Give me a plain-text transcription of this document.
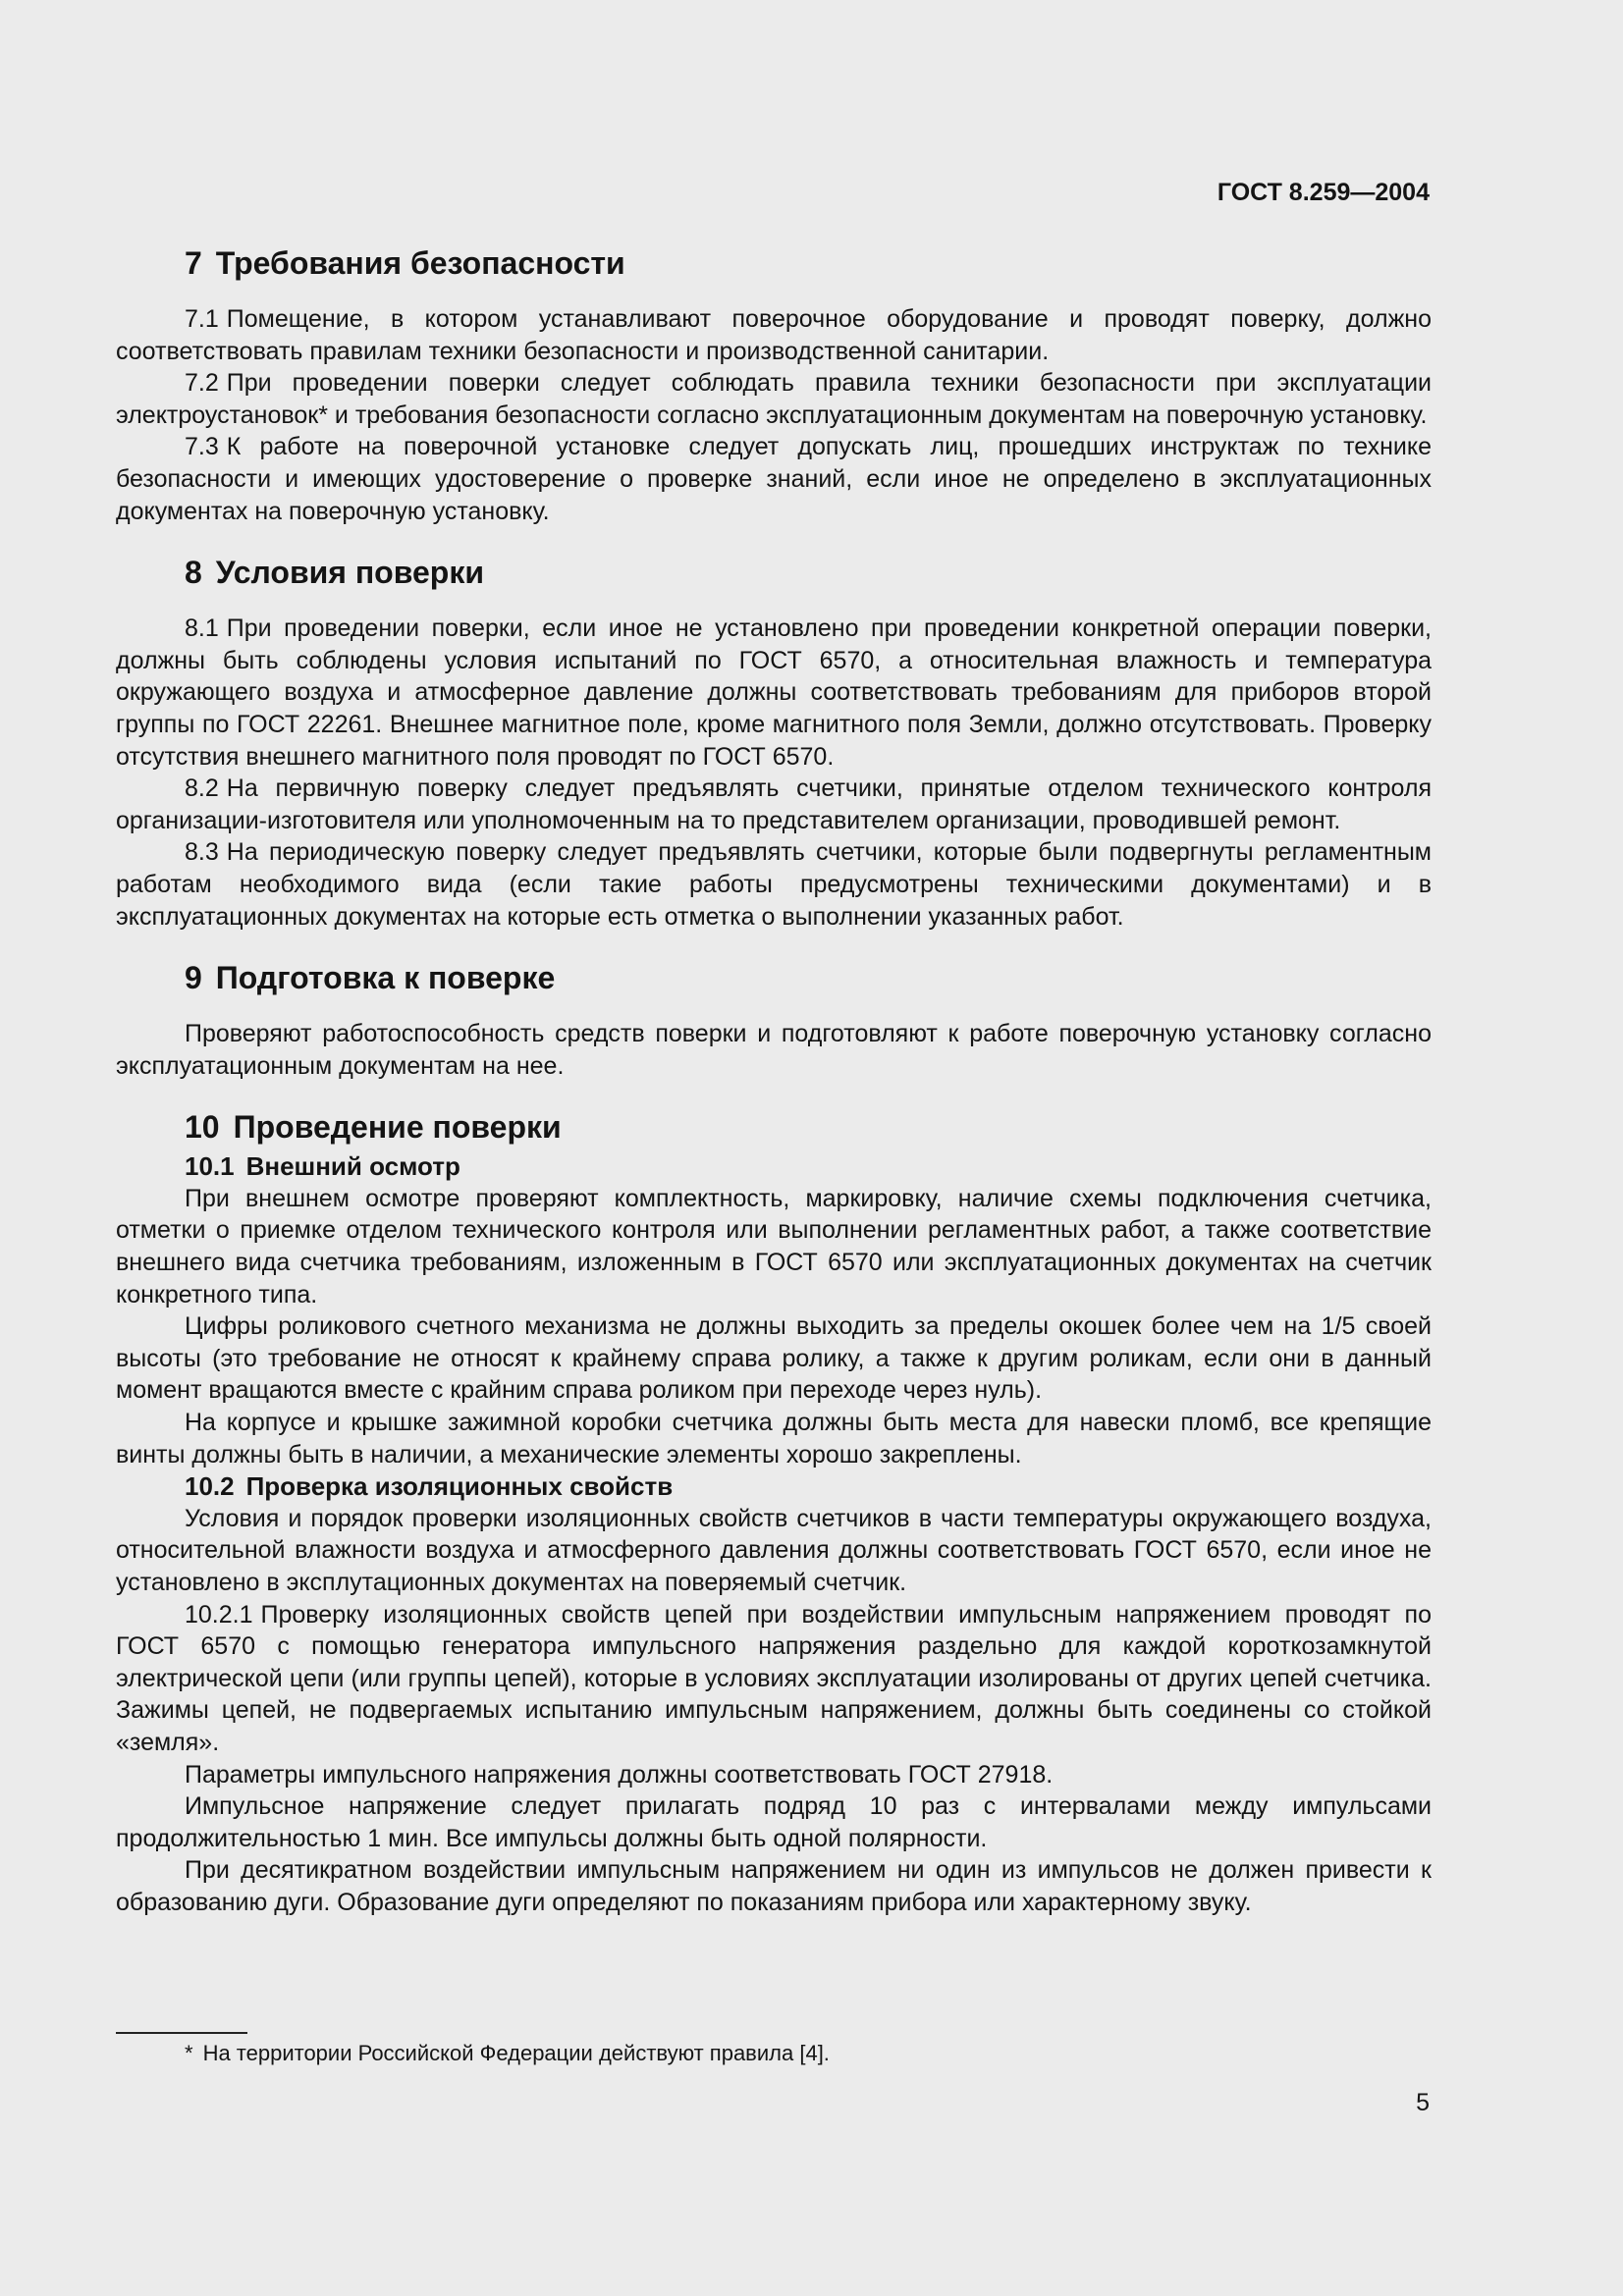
ГОСТ 8.259—2004
7 Требования безопасности

7.1 Помещение, в котором устанавливают поверочное оборудование и проводят поверку, должно соответствовать правилам техники безопасности и производственной санитарии.

7.2 При проведении поверки следует соблюдать правила техники безопасности при эксплуатации электроустановок* и требования безопасности согласно эксплуатационным документам на поверочную установку.

7.3 К работе на поверочной установке следует допускать лиц, прошедших инструктаж по технике безопасности и имеющих удостоверение о проверке знаний, если иное не определено в эксплуатационных документах на поверочную установку.

8 Условия поверки

8.1 При проведении поверки, если иное не установлено при проведении конкретной операции поверки, должны быть соблюдены условия испытаний по ГОСТ 6570, а относительная влажность и температура окружающего воздуха и атмосферное давление должны соответствовать требованиям для приборов второй группы по ГОСТ 22261. Внешнее магнитное поле, кроме магнитного поля Земли, должно отсутствовать. Проверку отсутствия внешнего магнитного поля проводят по ГОСТ 6570.

8.2 На первичную поверку следует предъявлять счетчики, принятые отделом технического контроля организации-изготовителя или уполномоченным на то представителем организации, проводившей ремонт.

8.3 На периодическую поверку следует предъявлять счетчики, которые были подвергнуты регламентным работам необходимого вида (если такие работы предусмотрены техническими документами) и в эксплуатационных документах на которые есть отметка о выполнении указанных работ.

9 Подготовка к поверке

Проверяют работоспособность средств поверки и подготовляют к работе поверочную установку согласно эксплуатационным документам на нее.

10 Проведение поверки
10.1 Внешний осмотр

При внешнем осмотре проверяют комплектность, маркировку, наличие схемы подключения счетчика, отметки о приемке отделом технического контроля или выполнении регламентных работ, а также соответствие внешнего вида счетчика требованиям, изложенным в ГОСТ 6570 или эксплуатационных документах на счетчик конкретного типа.

Цифры роликового счетного механизма не должны выходить за пределы окошек более чем на 1/5 своей высоты (это требование не относят к крайнему справа ролику, а также к другим роликам, если они в данный момент вращаются вместе с крайним справа роликом при переходе через нуль).

На корпусе и крышке зажимной коробки счетчика должны быть места для навески пломб, все крепящие винты должны быть в наличии, а механические элементы хорошо закреплены.

10.2 Проверка изоляционных свойств

Условия и порядок проверки изоляционных свойств счетчиков в части температуры окружающего воздуха, относительной влажности воздуха и атмосферного давления должны соответствовать ГОСТ 6570, если иное не установлено в эксплутационных документах на поверяемый счетчик.

10.2.1 Проверку изоляционных свойств цепей при воздействии импульсным напряжением проводят по ГОСТ 6570 с помощью генератора импульсного напряжения раздельно для каждой короткозамкнутой электрической цепи (или группы цепей), которые в условиях эксплуатации изолированы от других цепей счетчика. Зажимы цепей, не подвергаемых испытанию импульсным напряжением, должны быть соединены со стойкой «земля».

Параметры импульсного напряжения должны соответствовать ГОСТ 27918.

Импульсное напряжение следует прилагать подряд 10 раз с интервалами между импульсами продолжительностью 1 мин. Все импульсы должны быть одной полярности.

При десятикратном воздействии импульсным напряжением ни один из импульсов не должен привести к образованию дуги. Образование дуги определяют по показаниям прибора или характерному звуку.

* На территории Российской Федерации действуют правила [4].
5
